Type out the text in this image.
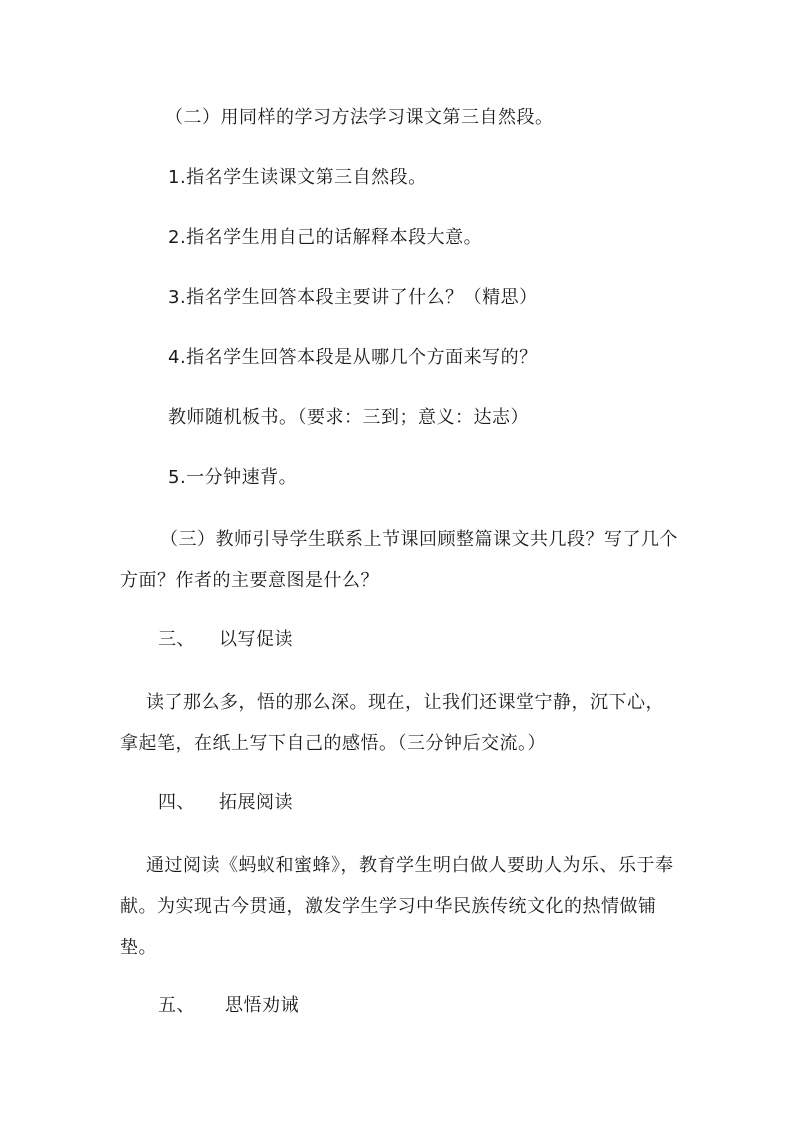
（二）用同样的学习方法学习课文第三自然段。
1.指名学生读课文第三自然段。
2.指名学生用自己的话解释本段大意。
3.指名学生回答本段主要讲了什么？（精思）
4.指名学生回答本段是从哪几个方面来写的？
教师随机板书。（要求：三到；意义：达志）
5.一分钟速背。
（三）教师引导学生联系上节课回顾整篇课文共几段？写了几个方面？作者的主要意图是什么？
三、 以写促读
读了那么多，悟的那么深。现在，让我们还课堂宁静，沉下心，拿起笔，在纸上写下自己的感悟。（三分钟后交流。）
四、 拓展阅读
通过阅读《蚂蚁和蜜蜂》，教育学生明白做人要助人为乐、乐于奉献。为实现古今贯通，激发学生学习中华民族传统文化的热情做铺垫。
五、 思悟劝诫
